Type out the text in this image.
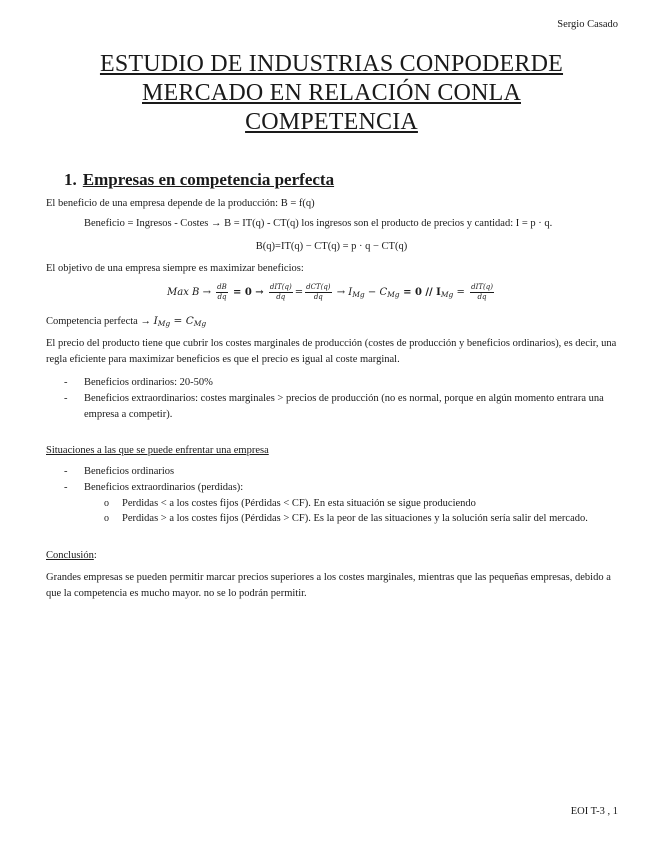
Sergio Casado
ESTUDIO DE INDUSTRIAS CONPODERDE
MERCADO EN RELACIÓN CONLA
COMPETENCIA
1. Empresas en competencia perfecta

El beneficio de una empresa depende de la producción: B = f(q)

Beneficio = Ingresos - Costes → B = IT(q) - CT(q) los ingresos son el producto de precios y cantidad: I = p · q.

B(q)=IT(q) − CT(q) = p · q − CT(q)

El objetivo de una empresa siempre es maximizar beneficios:

Max $B \to \frac{dB}{dq} = 0 \to \frac{\text{dIT(q)}}{dq} = \frac{\text{dCT(q)}}{dq} \to I_{Mg} - C_{Mg} = 0 // I_{Mg} = \frac{\text{dIT(q)}}{dq}$

Competencia perfecta → $I_{Mg} = C_{Mg}$

El precio del producto tiene que cubrir los costes marginales de producción (costes de producción y beneficios ordinarios), es decir, una regla eficiente para maximizar beneficios es que el precio es igual al coste marginal.

- Beneficios ordinarios: 20-50%
- Beneficios extraordinarios: costes marginales > precios de producción (no es normal, porque en algún momento entrara una empresa a competir).

Situaciones a las que se puede enfrentar una empresa

- Beneficios ordinarios
- Beneficios extraordinarios (perdidas):
o Perdidas < a los costes fijos (Pérdidas < CF). En esta situación se sigue produciendo
o Perdidas > a los costes fijos (Pérdidas > CF). Es la peor de las situaciones y la solución sería salir del mercado.

Conclusión:

Grandes empresas se pueden permitir marcar precios superiores a los costes marginales, mientras que las pequeñas empresas, debido a que la competencia es mucho mayor. no se lo podrán permitir.

EOI T-3 , 1
